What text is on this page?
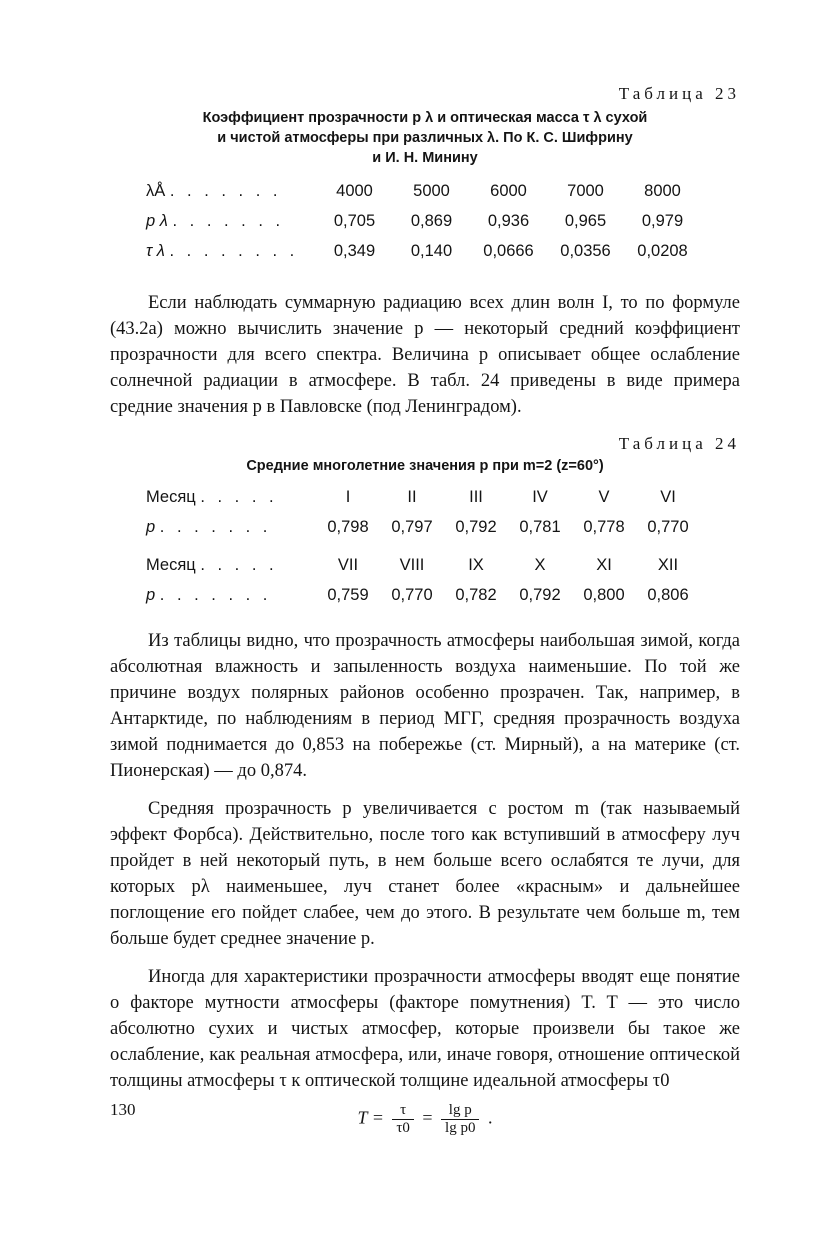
Таблица 23
Коэффициент прозрачности p λ и оптическая масса τ λ сухой
и чистой атмосферы при различных λ. По К. С. Шифрину
и И. Н. Минину
λÅ . . . . . . .	4000	5000	6000	7000	8000
p λ . . . . . . .	0,705	0,869	0,936	0,965	0,979
τ λ . . . . . . . .	0,349	0,140	0,0666	0,0356	0,0208

Если наблюдать суммарную радиацию всех длин волн I, то по формуле (43.2а) можно вычислить значение p — некоторый средний коэффициент прозрачности для всего спектра. Величина p описывает общее ослабление солнечной радиации в атмосфере. В табл. 24 приведены в виде примера средние значения p в Павловске (под Ленинградом).

Таблица 24
Средние многолетние значения p при m=2 (z=60°)
Месяц . . . . .	I	II	III	IV	V	VI
p . . . . . . .	0,798	0,797	0,792	0,781	0,778	0,770
Месяц . . . . .	VII	VIII	IX	X	XI	XII
p . . . . . . .	0,759	0,770	0,782	0,792	0,800	0,806

Из таблицы видно, что прозрачность атмосферы наибольшая зимой, когда абсолютная влажность и запыленность воздуха наименьшие. По той же причине воздух полярных районов особенно прозрачен. Так, например, в Антарктиде, по наблюдениям в период МГГ, средняя прозрачность воздуха зимой поднимается до 0,853 на побережье (ст. Мирный), а на материке (ст. Пионерская) — до 0,874.

Средняя прозрачность p увеличивается с ростом m (так называемый эффект Форбса). Действительно, после того как вступивший в атмосферу луч пройдет в ней некоторый путь, в нем больше всего ослабятся те лучи, для которых pλ наименьшее, луч станет более «красным» и дальнейшее поглощение его пойдет слабее, чем до этого. В результате чем больше m, тем больше будет среднее значение p.

Иногда для характеристики прозрачности атмосферы вводят еще понятие о факторе мутности атмосферы (факторе помутнения) T. T — это число абсолютно сухих и чистых атмосфер, которые произвели бы такое же ослабление, как реальная атмосфера, или, иначе говоря, отношение оптической толщины атмосферы τ к оптической толщине идеальной атмосферы τ0

$T = \frac{\tau}{\tau 0} = \frac{\text{lg p}}{\text{lg p0}}$ .
130
